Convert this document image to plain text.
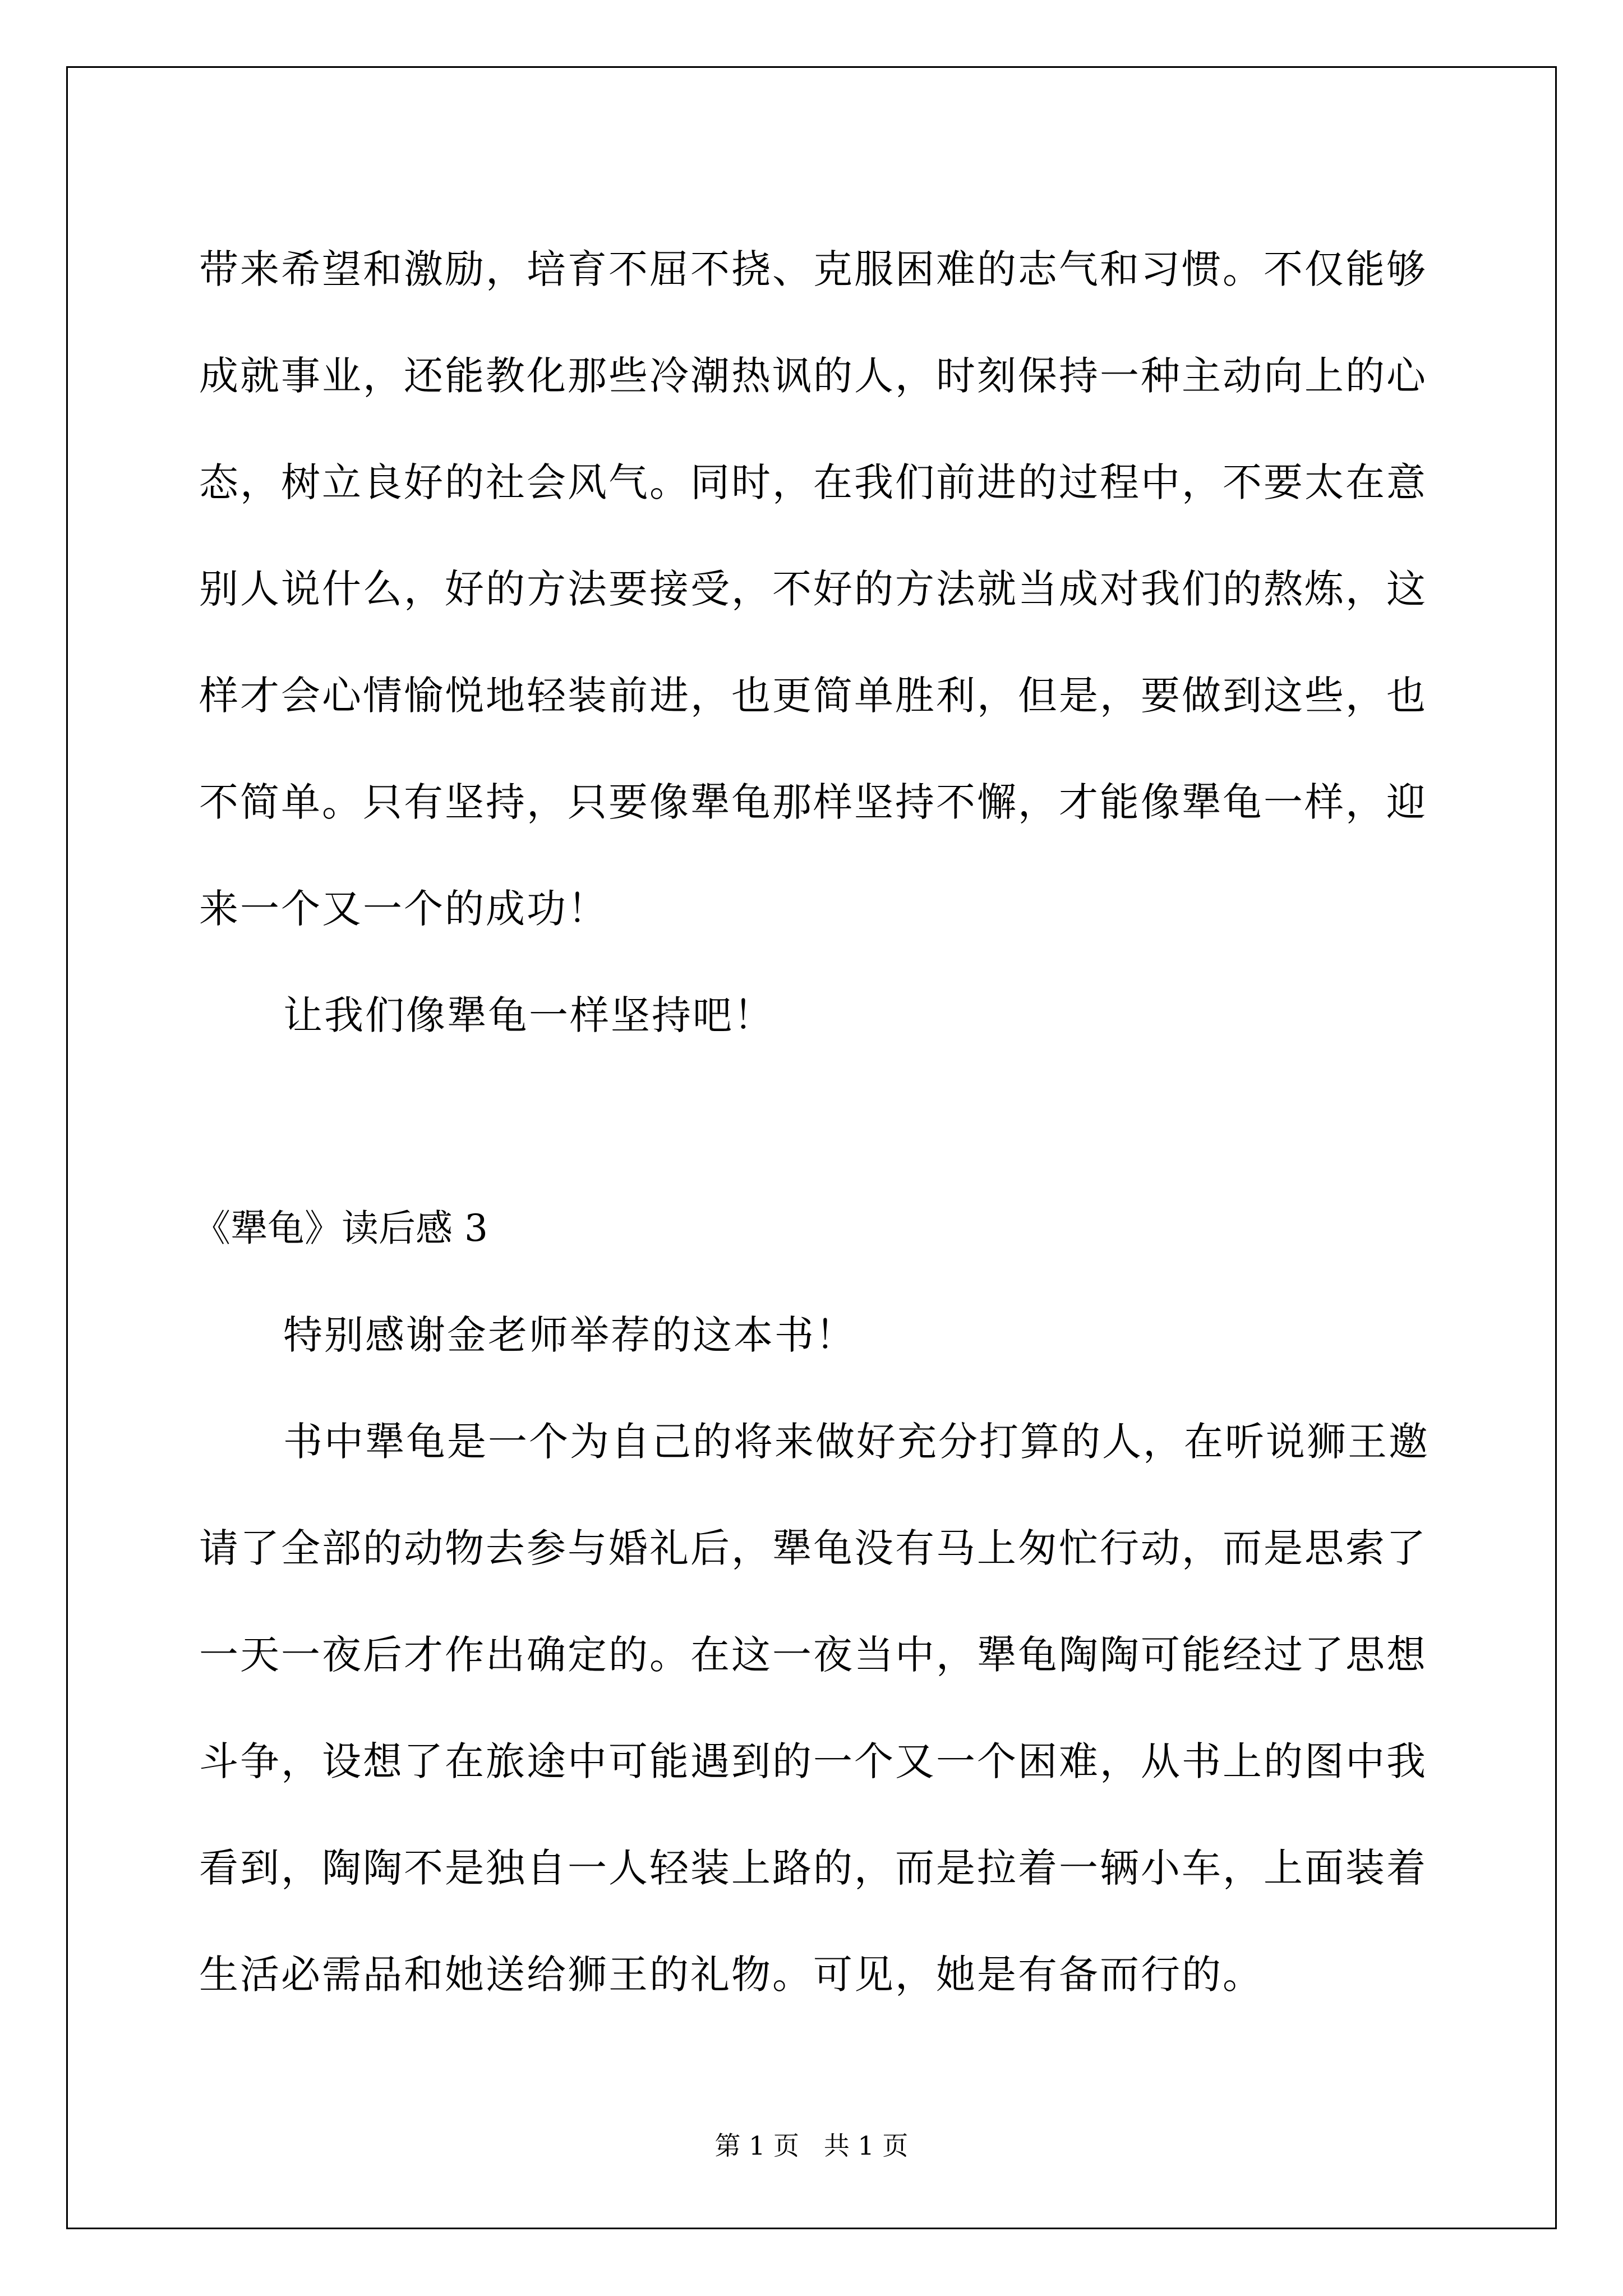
带来希望和激励，培育不屈不挠、克服困难的志气和习惯。不仅能够
成就事业，还能教化那些冷潮热讽的人，时刻保持一种主动向上的心
态，树立良好的社会风气。同时，在我们前进的过程中，不要太在意
别人说什么，好的方法要接受，不好的方法就当成对我们的熬炼，这
样才会心情愉悦地轻装前进，也更简单胜利，但是，要做到这些，也
不简单。只有坚持，只要像犟龟那样坚持不懈，才能像犟龟一样，迎
来一个又一个的成功！
让我们像犟龟一样坚持吧！
《犟龟》读后感 3
特别感谢金老师举荐的这本书！
书中犟龟是一个为自己的将来做好充分打算的人，在听说狮王邀
请了全部的动物去参与婚礼后，犟龟没有马上匆忙行动，而是思索了
一天一夜后才作出确定的。在这一夜当中，犟龟陶陶可能经过了思想
斗争，设想了在旅途中可能遇到的一个又一个困难，从书上的图中我
看到，陶陶不是独自一人轻装上路的，而是拉着一辆小车，上面装着
生活必需品和她送给狮王的礼物。可见，她是有备而行的。
第 1 页   共 1 页
